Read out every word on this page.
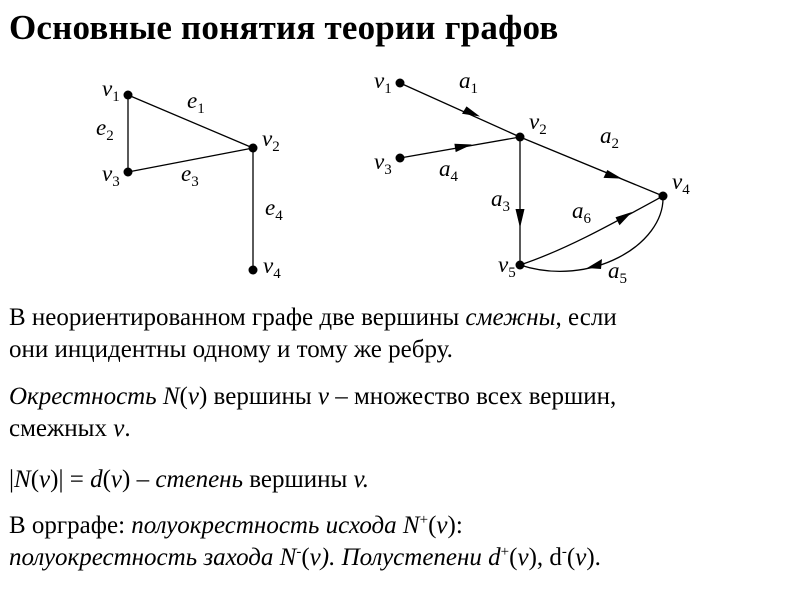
Основные понятия теории графов
$v_1$
$v_2$
$v_3$
$v_4$
$e_1$
$e_2$
$e_3$
$e_4$
$v_1$
$v_2$
$v_3$	$v_4$
$v_5$
$a_1$
$a_2$
$a_3$
$a_4$
$a_5$
$a_6$

В неориентированном графе две вершины смежны, если
они инцидентны одному и тому же ребру.

Окрестность N(v) вершины v – множество всех вершин,
смежных v.

|N(v)| = d(v) – степень вершины v.

В орграфе: полуокрестность исхода N+(v):
полуокрестность захода N-(v). Полустепени d+(v), d-(v).
